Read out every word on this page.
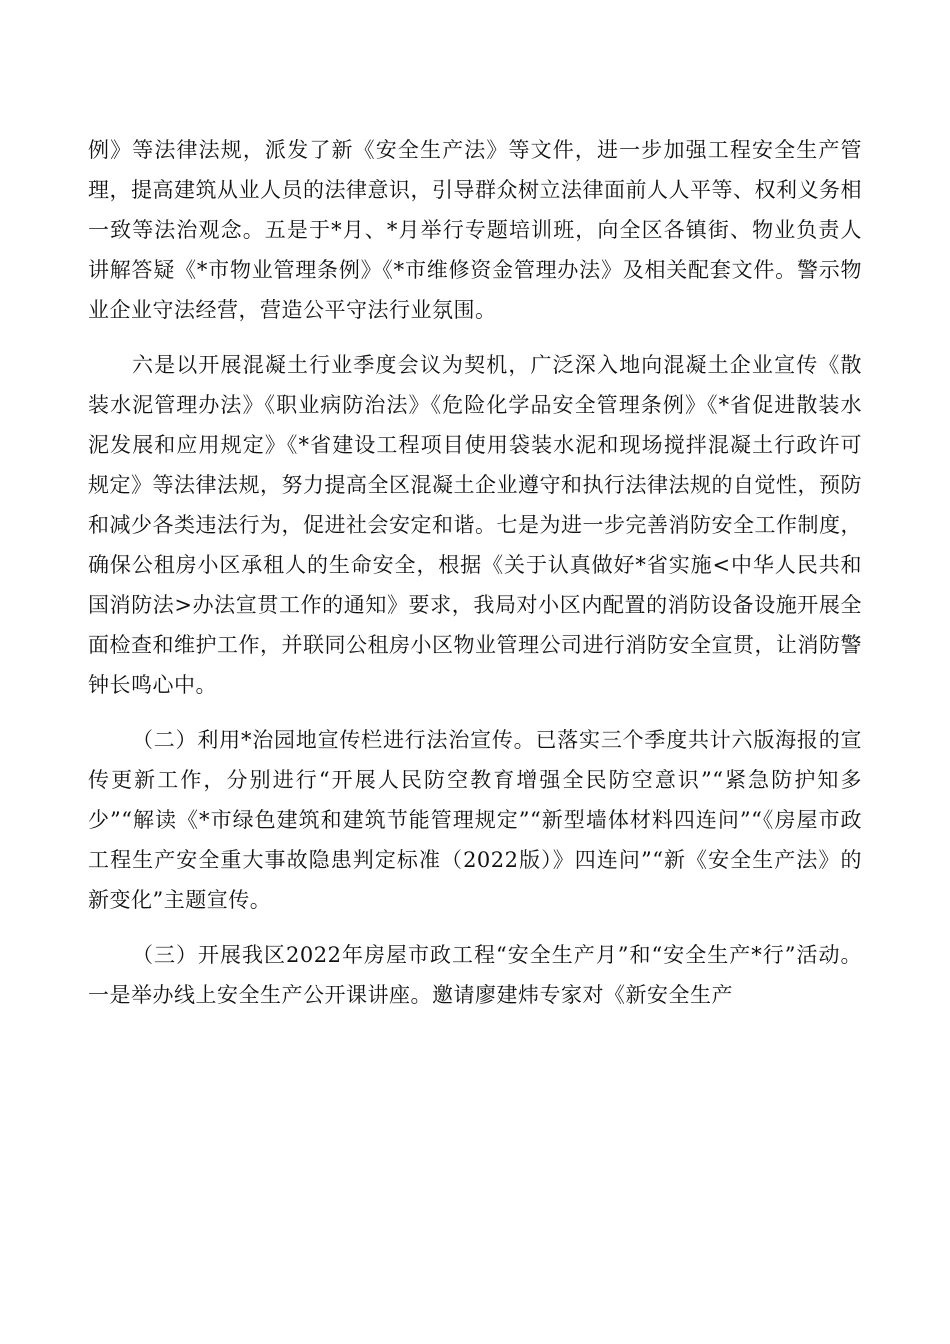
例》等法律法规，派发了新《安全生产法》等文件，进一步加强工程安全生产管理，提高建筑从业人员的法律意识，引导群众树立法律面前人人平等、权利义务相一致等法治观念。五是于*月、*月举行专题培训班，向全区各镇街、物业负责人讲解答疑《*市物业管理条例》《*市维修资金管理办法》及相关配套文件。警示物业企业守法经营，营造公平守法行业氛围。

六是以开展混凝土行业季度会议为契机，广泛深入地向混凝土企业宣传《散装水泥管理办法》《职业病防治法》《危险化学品安全管理条例》《*省促进散装水泥发展和应用规定》《*省建设工程项目使用袋装水泥和现场搅拌混凝土行政许可规定》等法律法规，努力提高全区混凝土企业遵守和执行法律法规的自觉性，预防和减少各类违法行为，促进社会安定和谐。七是为进一步完善消防安全工作制度，确保公租房小区承租人的生命安全，根据《关于认真做好*省实施<中华人民共和国消防法>办法宣贯工作的通知》要求，我局对小区内配置的消防设备设施开展全面检查和维护工作，并联同公租房小区物业管理公司进行消防安全宣贯，让消防警钟长鸣心中。

（二）利用*治园地宣传栏进行法治宣传。已落实三个季度共计六版海报的宣传更新工作，分别进行“开展人民防空教育增强全民防空意识”“紧急防护知多少”“解读《*市绿色建筑和建筑节能管理规定”“新型墙体材料四连问”“《房屋市政工程生产安全重大事故隐患判定标准（2022版）》四连问”“新《安全生产法》的新变化”主题宣传。

（三）开展我区2022年房屋市政工程“安全生产月”和“安全生产*行”活动。一是举办线上安全生产公开课讲座。邀请廖建炜专家对《新安全生产
